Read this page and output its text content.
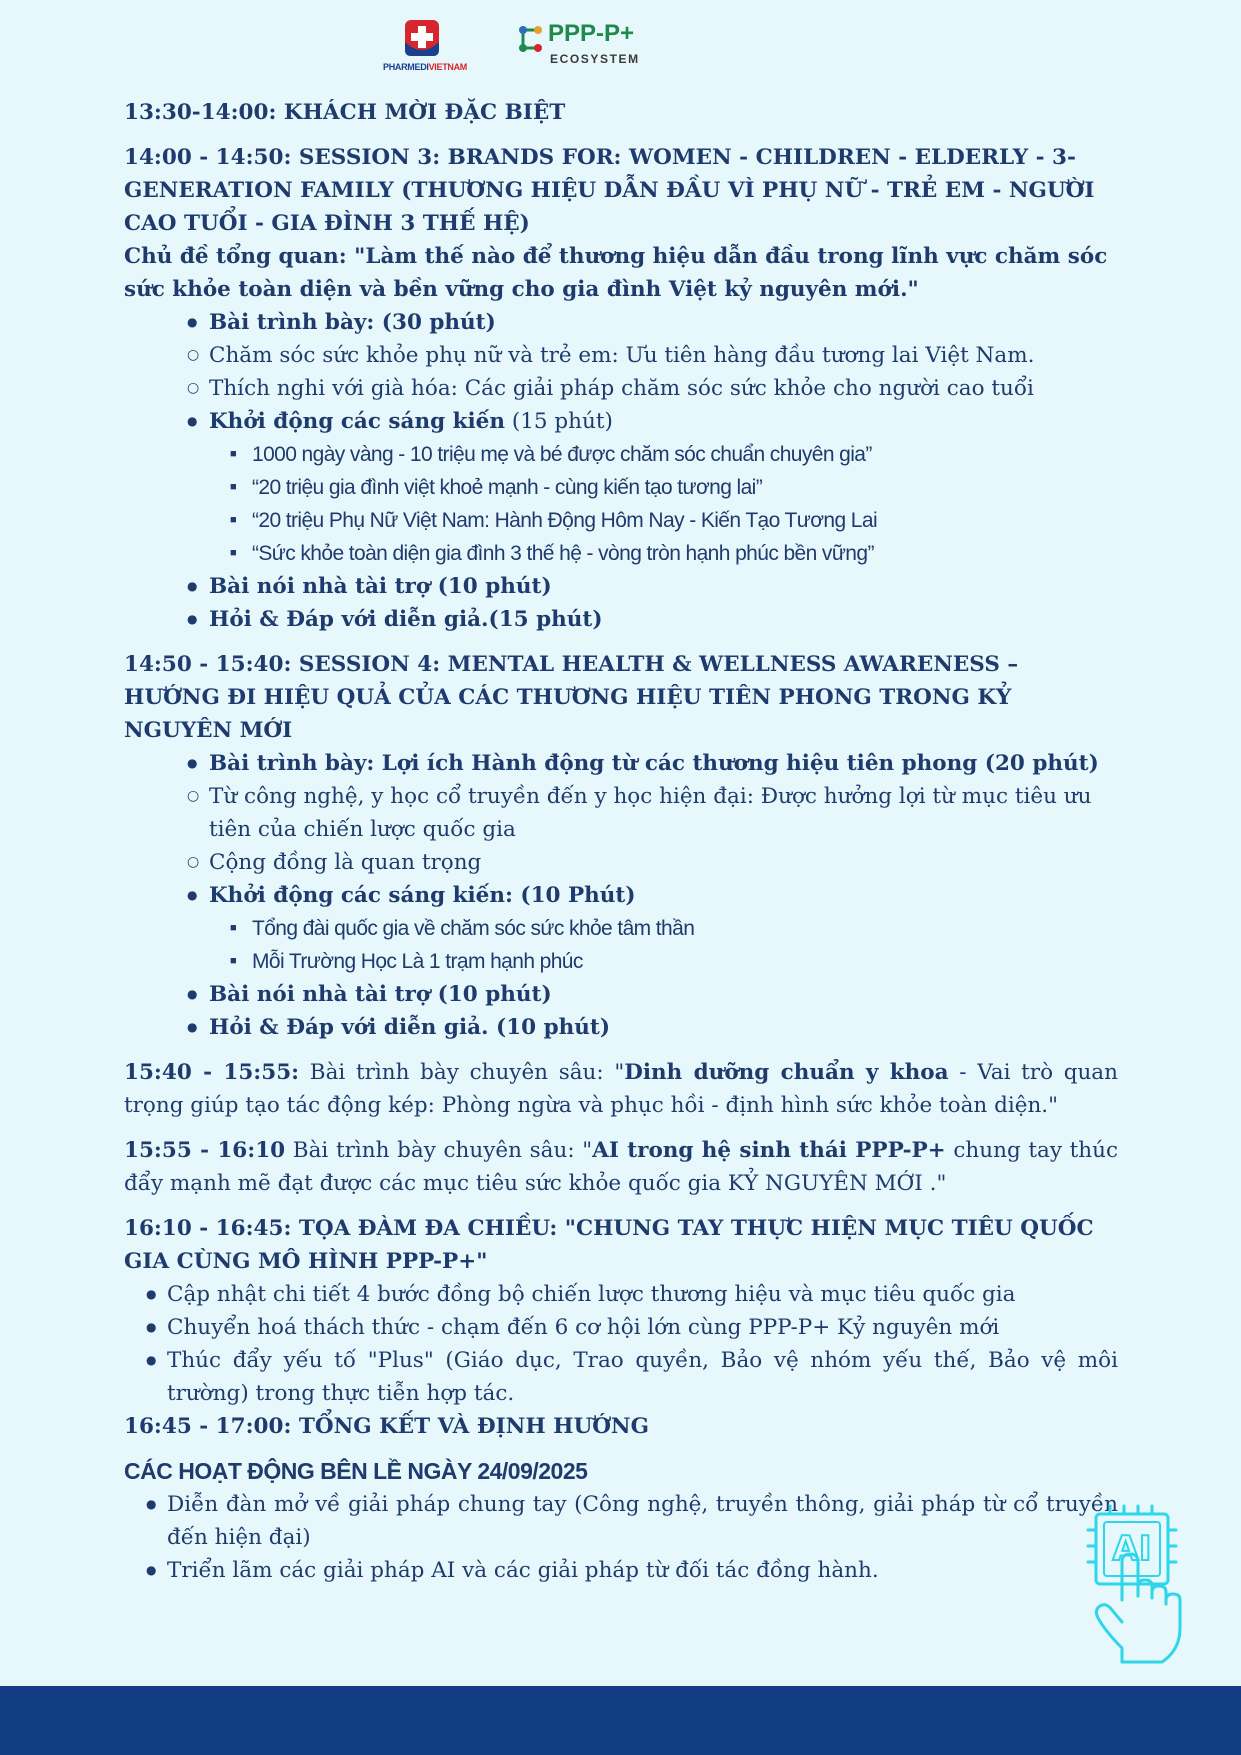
PHARMEDIVIETNAM
PPP-P+
ECOSYSTEM

13:30-14:00: KHÁCH MỜI ĐẶC BIỆT

14:00 - 14:50: SESSION 3: BRANDS FOR: WOMEN - CHILDREN - ELDERLY - 3-GENERATION FAMILY (THƯƠNG HIỆU DẪN ĐẦU VÌ PHỤ NỮ - TRẺ EM - NGƯỜI CAO TUỔI - GIA ĐÌNH 3 THẾ HỆ)

Chủ đề tổng quan: "Làm thế nào để thương hiệu dẫn đầu trong lĩnh vực chăm sóc sức khỏe toàn diện và bền vững cho gia đình Việt kỷ nguyên mới."

● Bài trình bày: (30 phút)
○ Chăm sóc sức khỏe phụ nữ và trẻ em: Ưu tiên hàng đầu tương lai Việt Nam.
○ Thích nghi với già hóa: Các giải pháp chăm sóc sức khỏe cho người cao tuổi
● Khởi động các sáng kiến (15 phút)
■ 1000 ngày vàng - 10 triệu mẹ và bé được chăm sóc chuẩn chuyên gia”
■ “20 triệu gia đình việt khoẻ mạnh - cùng kiến tạo tương lai”
■ “20 triệu Phụ Nữ Việt Nam: Hành Động Hôm Nay - Kiến Tạo Tương Lai
■ “Sức khỏe toàn diện gia đình 3 thế hệ - vòng tròn hạnh phúc bền vững”
● Bài nói nhà tài trợ (10 phút)
● Hỏi & Đáp với diễn giả.(15 phút)

14:50 - 15:40: SESSION 4: MENTAL HEALTH & WELLNESS AWARENESS – HƯỚNG ĐI HIỆU QUẢ CỦA CÁC THƯƠNG HIỆU TIÊN PHONG TRONG KỶ NGUYÊN MỚI

● Bài trình bày: Lợi ích Hành động từ các thương hiệu tiên phong (20 phút)
○ Từ công nghệ, y học cổ truyền đến y học hiện đại: Được hưởng lợi từ mục tiêu ưu tiên của chiến lược quốc gia
○ Cộng đồng là quan trọng
● Khởi động các sáng kiến: (10 Phút)
■ Tổng đài quốc gia về chăm sóc sức khỏe tâm thần
■ Mỗi Trường Học Là 1 trạm hạnh phúc
● Bài nói nhà tài trợ (10 phút)
● Hỏi & Đáp với diễn giả. (10 phút)

15:40 - 15:55: Bài trình bày chuyên sâu: "Dinh dưỡng chuẩn y khoa - Vai trò quan trọng giúp tạo tác động kép: Phòng ngừa và phục hồi - định hình sức khỏe toàn diện."

15:55 - 16:10 Bài trình bày chuyên sâu: "AI trong hệ sinh thái PPP-P+ chung tay thúc đẩy mạnh mẽ đạt được các mục tiêu sức khỏe quốc gia KỶ NGUYÊN MỚI ."

16:10 - 16:45: TỌA ĐÀM ĐA CHIỀU: "CHUNG TAY THỰC HIỆN MỤC TIÊU QUỐC GIA CÙNG MÔ HÌNH PPP-P+"

● Cập nhật chi tiết 4 bước đồng bộ chiến lược thương hiệu và mục tiêu quốc gia
● Chuyển hoá thách thức - chạm đến 6 cơ hội lớn cùng PPP-P+ Kỷ nguyên mới
● Thúc đẩy yếu tố "Plus" (Giáo dục, Trao quyền, Bảo vệ nhóm yếu thế, Bảo vệ môi trường) trong thực tiễn hợp tác.

16:45 - 17:00: TỔNG KẾT VÀ ĐỊNH HƯỚNG

CÁC HOẠT ĐỘNG BÊN LỀ NGÀY 24/09/2025

● Diễn đàn mở về giải pháp chung tay (Công nghệ, truyền thông, giải pháp từ cổ truyền đến hiện đại)
● Triển lãm các giải pháp AI và các giải pháp từ đối tác đồng hành.
AI
